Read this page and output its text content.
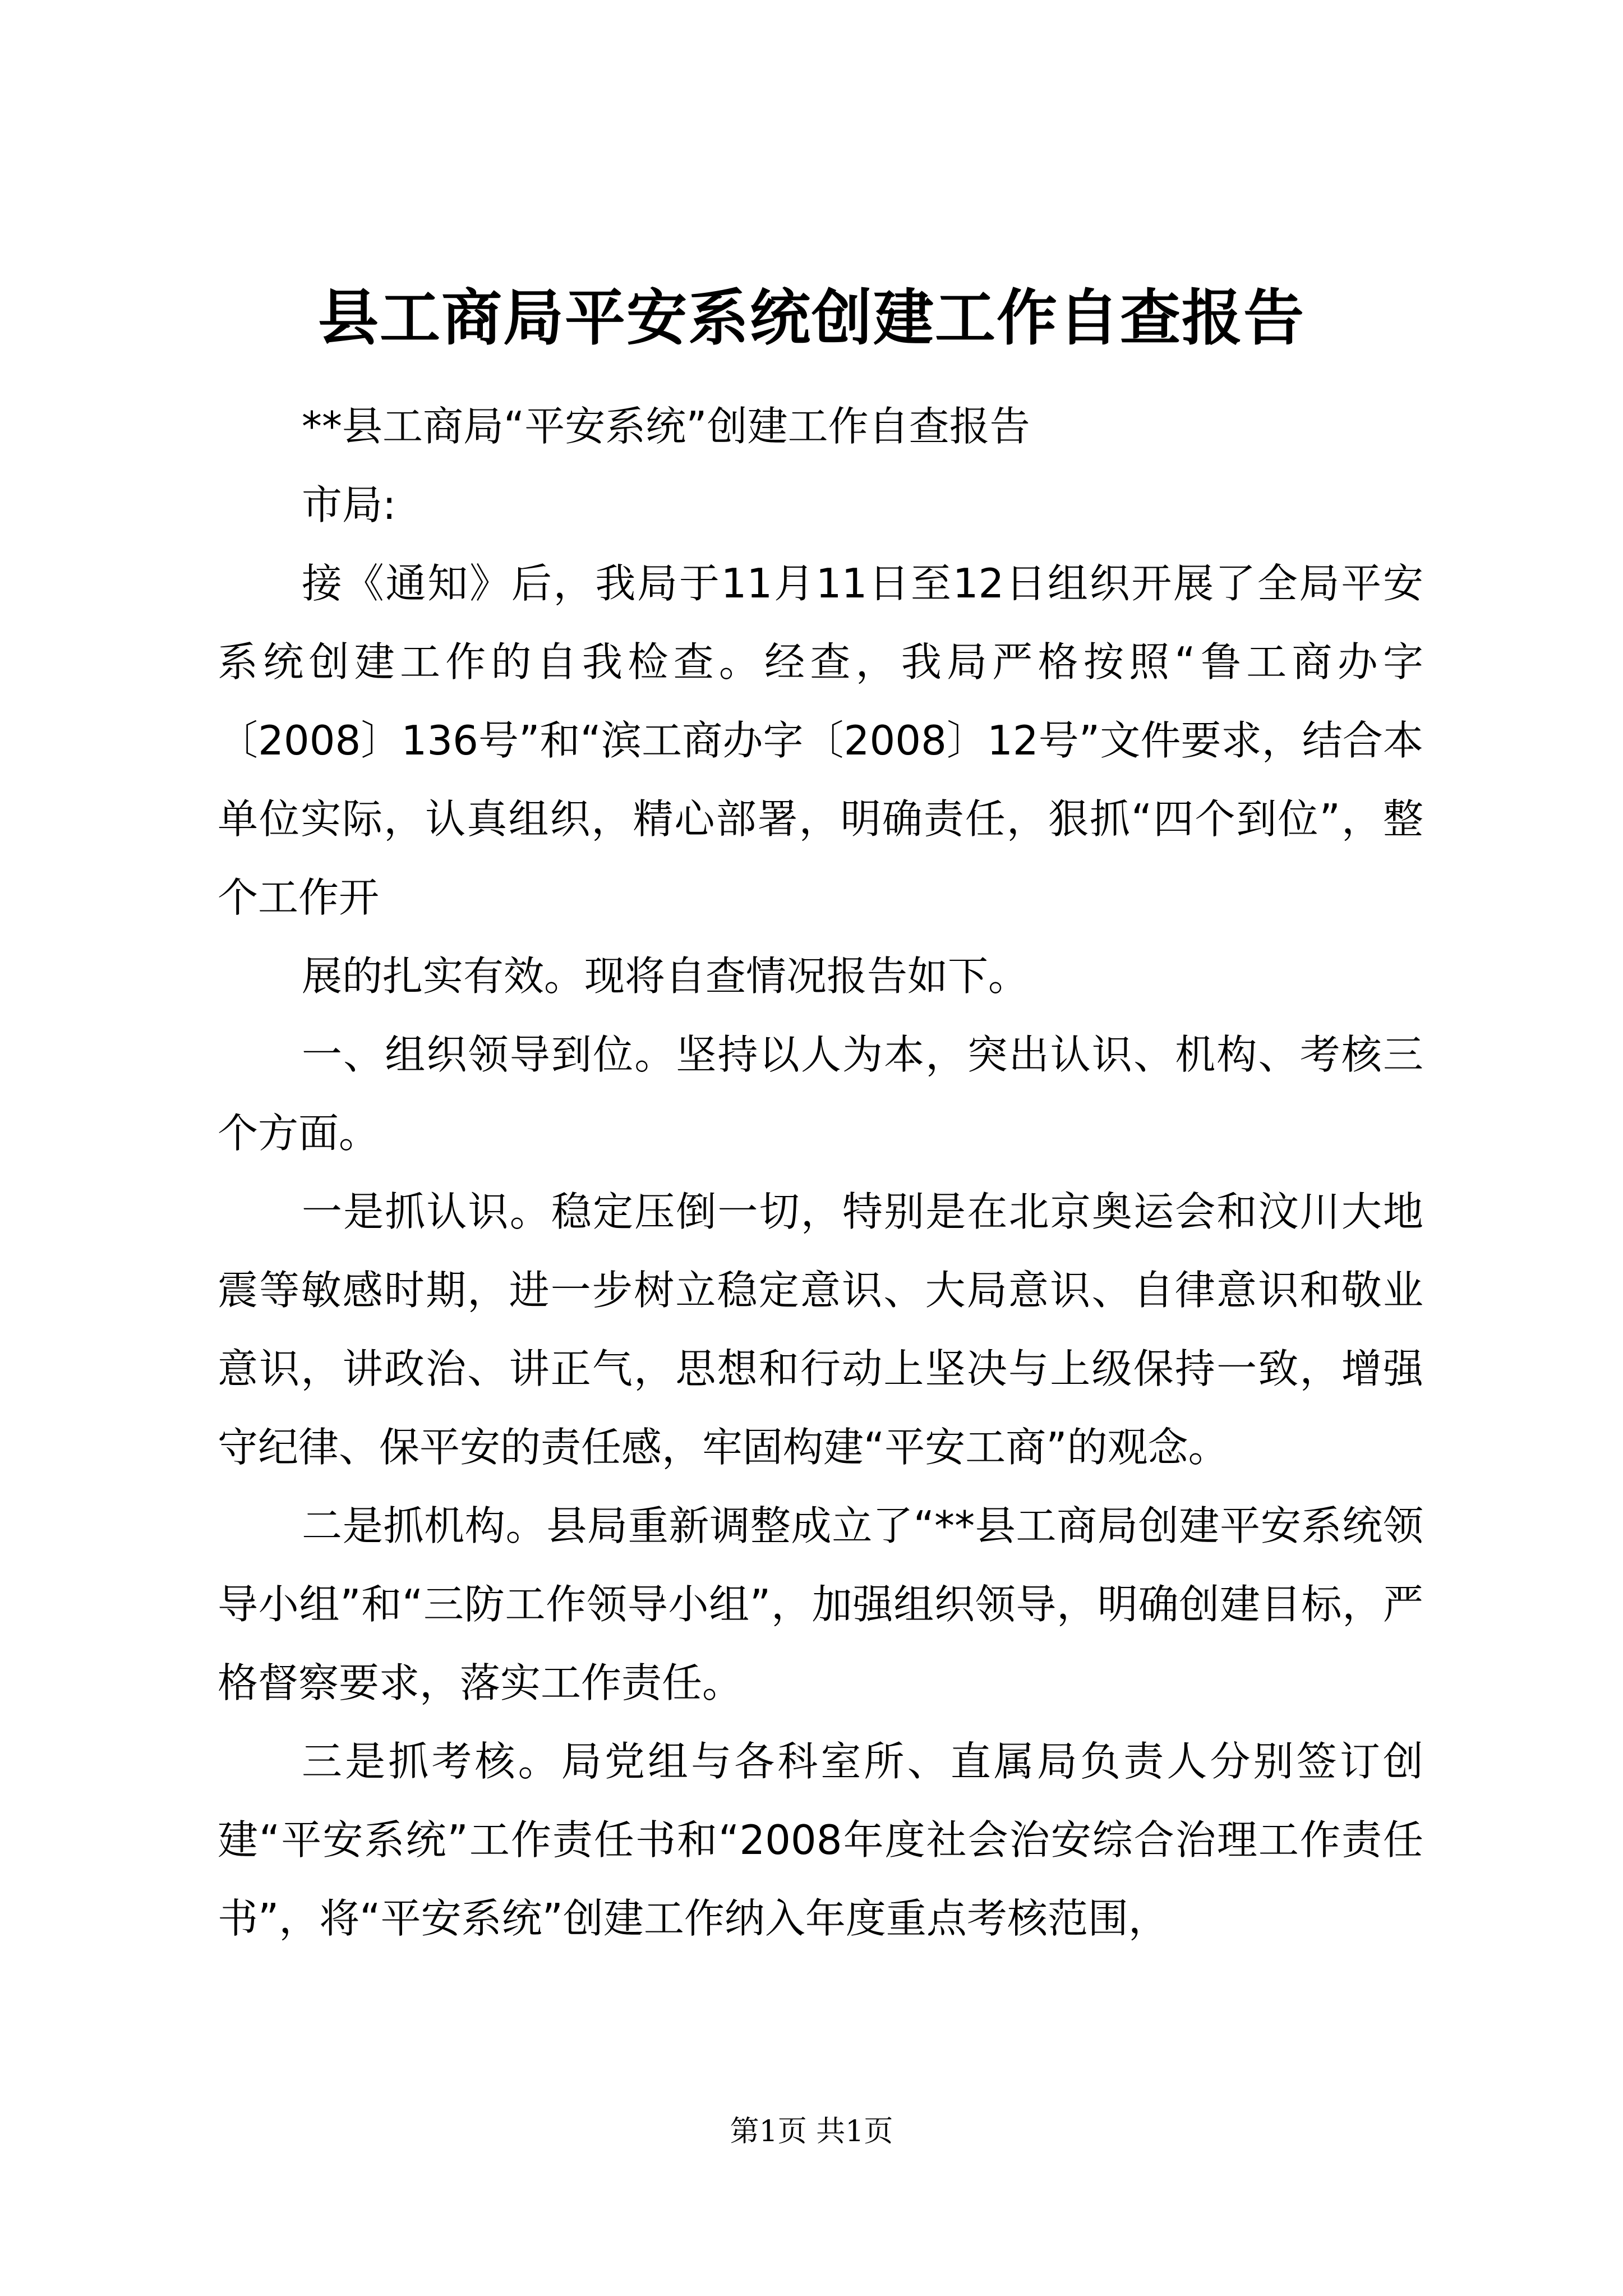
县工商局平安系统创建工作自查报告

**县工商局“平安系统”创建工作自查报告

市局:

接《通知》后，我局于11月11日至12日组织开展了全局平安系统创建工作的自我检查。经查，我局严格按照“鲁工商办字〔2008〕136号”和“滨工商办字〔2008〕12号”文件要求，结合本单位实际，认真组织，精心部署，明确责任，狠抓“四个到位”，整个工作开

展的扎实有效。现将自查情况报告如下。

一、组织领导到位。坚持以人为本，突出认识、机构、考核三个方面。

一是抓认识。稳定压倒一切，特别是在北京奥运会和汶川大地震等敏感时期，进一步树立稳定意识、大局意识、自律意识和敬业意识，讲政治、讲正气，思想和行动上坚决与上级保持一致，增强守纪律、保平安的责任感，牢固构建“平安工商”的观念。

二是抓机构。县局重新调整成立了“**县工商局创建平安系统领导小组”和“三防工作领导小组”，加强组织领导，明确创建目标，严格督察要求，落实工作责任。

三是抓考核。局党组与各科室所、直属局负责人分别签订创建“平安系统”工作责任书和“2008年度社会治安综合治理工作责任书”，将“平安系统”创建工作纳入年度重点考核范围，

第1页 共1页
